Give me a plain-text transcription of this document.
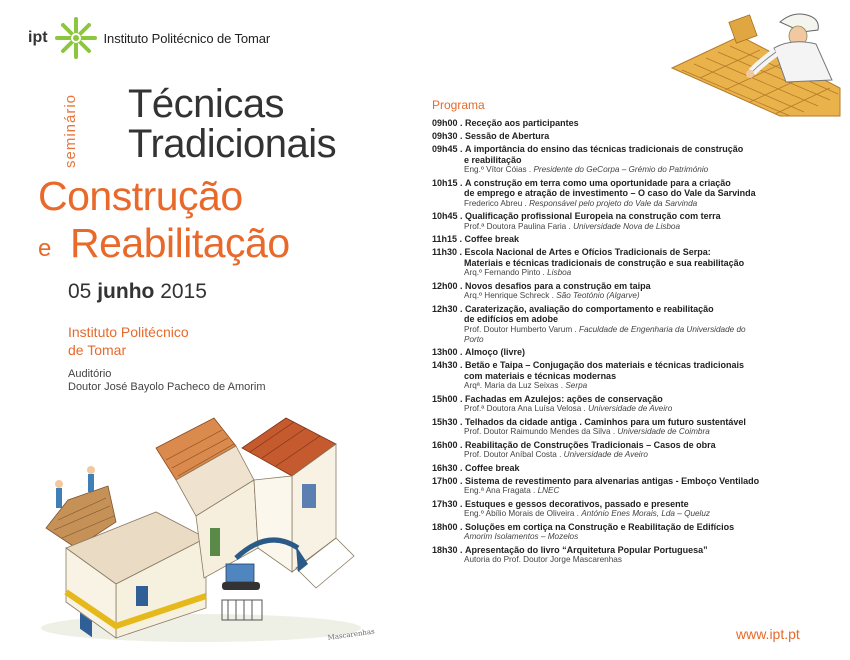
ipt	Instituto Politécnico de Tomar
seminário Técnicas
Tradicionais
Construção
e Reabilitação
05 junho 2015
Instituto Politécnico
de Tomar
Auditório
Doutor José Bayolo Pacheco de Amorim
Mascarenhas
Programa
09h00 . Receção aos participantes
09h30 . Sessão de Abertura
09h45 . A importância do ensino das técnicas tradicionais de construção
e reabilitação
Eng.º Vítor Cóias . Presidente do GeCorpa – Grémio do Património
10h15 . A construção em terra como uma oportunidade para a criação
de emprego e atração de investimento – O caso do Vale da Sarvinda
Frederico Abreu . Responsável pelo projeto do Vale da Sarvinda
10h45 . Qualificação profissional Europeia na construção com terra
Prof.ª Doutora Paulina Faria . Universidade Nova de Lisboa
11h15 . Coffee break
11h30 . Escola Nacional de Artes e Ofícios Tradicionais de Serpa:
Materiais e técnicas tradicionais de construção e sua reabilitação
Arq.º Fernando Pinto . Lisboa
12h00 . Novos desafios para a construção em taipa
Arq.º Henrique Schreck . São Teotónio (Algarve)
12h30 . Caraterização, avaliação do comportamento e reabilitação
de edifícios em adobe
Prof. Doutor Humberto Varum . Faculdade de Engenharia da Universidade do Porto
13h00 . Almoço (livre)
14h30 . Betão e Taipa – Conjugação dos materiais e técnicas tradicionais
com materiais e técnicas modernas
Arqª. Maria da Luz Seixas . Serpa
15h00 . Fachadas em Azulejos: ações de conservação
Prof.ª Doutora Ana Luísa Velosa . Universidade de Aveiro
15h30 . Telhados da cidade antiga . Caminhos para um futuro sustentável
Prof. Doutor Raimundo Mendes da Silva . Universidade de Coimbra
16h00 . Reabilitação de Construções Tradicionais – Casos de obra
Prof. Doutor Aníbal Costa . Universidade de Aveiro
16h30 . Coffee break
17h00 . Sistema de revestimento para alvenarias antigas - Emboço Ventilado
Eng.ª Ana Fragata . LNEC
17h30 . Estuques e gessos decorativos, passado e presente
Eng.º Abílio Morais de Oliveira . António Enes Morais, Lda – Queluz
18h00 . Soluções em cortiça na Construção e Reabilitação de Edifícios
Amorim Isolamentos – Mozelos
18h30 . Apresentação do livro “Arquitetura Popular Portuguesa”
Autoria do Prof. Doutor Jorge Mascarenhas
www.ipt.pt
